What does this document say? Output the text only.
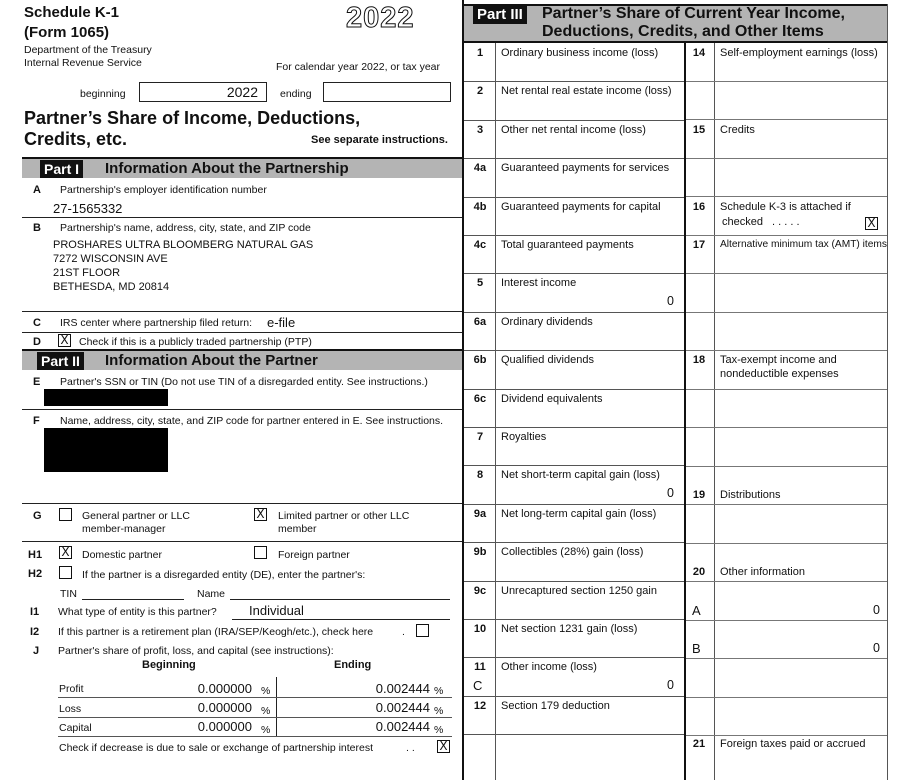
Schedule K-1
(Form 1065)
Department of the Treasury
Internal Revenue Service
2022
For calendar year 2022, or tax year
beginning	2022	ending
Partner’s Share of Income, Deductions,
Credits, etc.	See separate instructions.
Part I Information About the Partnership
A Partnership's employer identification number
27-1565332
B Partnership's name, address, city, state, and ZIP code
PROSHARES ULTRA BLOOMBERG NATURAL GAS
7272 WISCONSIN AVE
21ST FLOOR
BETHESDA, MD 20814
C IRS center where partnership filed return: e-file
D X Check if this is a publicly traded partnership (PTP)
Part II Information About the Partner
E Partner's SSN or TIN (Do not use TIN of a disregarded entity. See instructions.)
F Name, address, city, state, and ZIP code for partner entered in E. See instructions.
G	General partner or LLC
member-manager
X Limited partner or other LLC
member
H1 X Domestic partner	Foreign partner
H2	If the partner is a disregarded entity (DE), enter the partner's:
TIN	Name
I1 What type of entity is this partner? Individual
I2 If this partner is a retirement plan (IRA/SEP/Keogh/etc.), check here	.
J Partner's share of profit, loss, and capital (see instructions):
Beginning	Ending
Profit	0.000000 %	0.002444 %
Loss	0.000000 %	0.002444 %
Capital	0.000000 %	0.002444 %
Check if decrease is due to sale or exchange of partnership interest	. . X
Part III Partner’s Share of Current Year Income,
Deductions, Credits, and Other Items
1	Ordinary business income (loss)
2	Net rental real estate income (loss)
3	Other net rental income (loss)
4a	Guaranteed payments for services
4b	Guaranteed payments for capital
4c	Total guaranteed payments
5	Interest income
0
6a	Ordinary dividends
6b	Qualified dividends
6c	Dividend equivalents
7	Royalties
8	Net short-term capital gain (loss)
0
9a	Net long-term capital gain (loss)
9b	Collectibles (28%) gain (loss)
9c	Unrecaptured section 1250 gain
10	Net section 1231 gain (loss)
11	Other income (loss)
C	0
12	Section 179 deduction
14	Self-employment earnings (loss)
15	Credits
16	Schedule K-3 is attached if
checked . . . . .	X
17	Alternative minimum tax (AMT) items
18	Tax-exempt income and
nondeductible expenses
19	Distributions
20	Other information
A	0
B	0
21	Foreign taxes paid or accrued
